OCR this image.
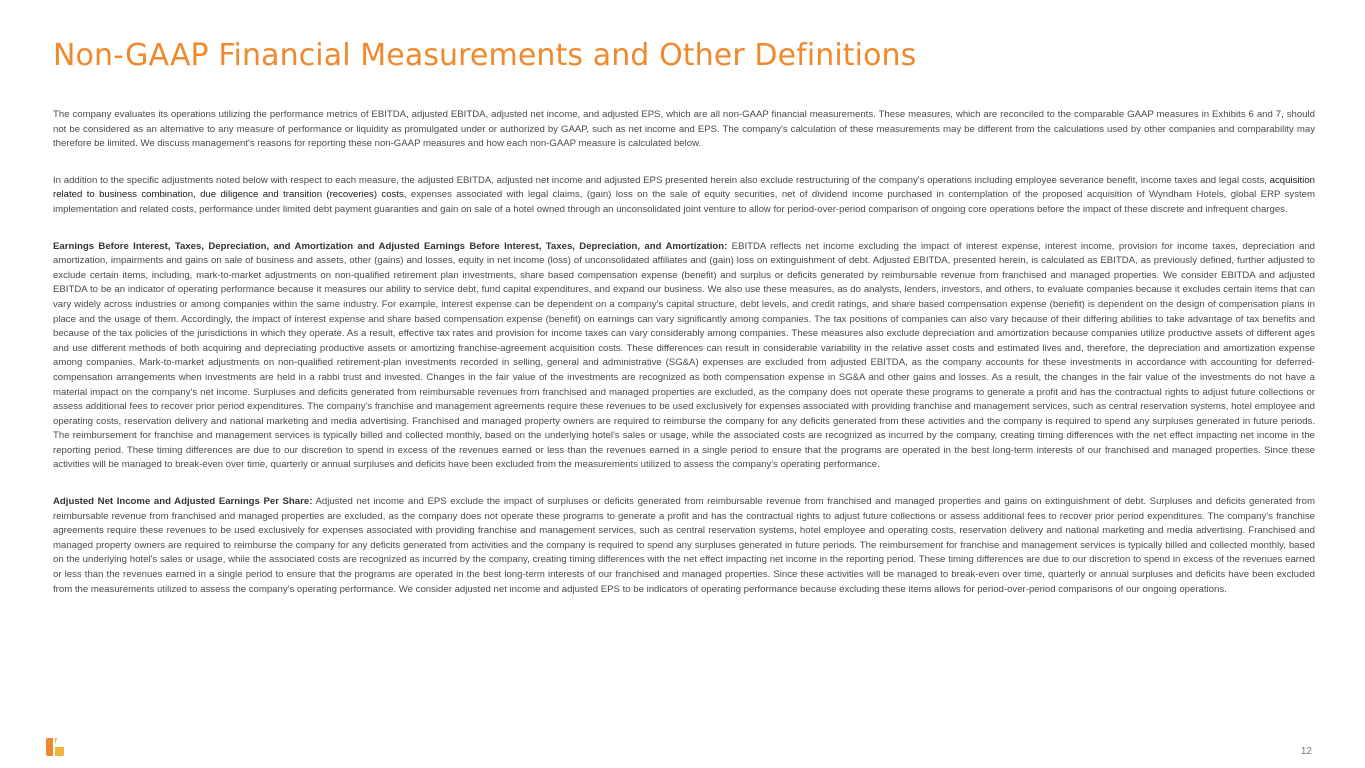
Non-GAAP Financial Measurements and Other Definitions

The company evaluates its operations utilizing the performance metrics of EBITDA, adjusted EBITDA, adjusted net income, and adjusted EPS, which are all non-GAAP financial measurements. These measures, which are reconciled to the comparable GAAP measures in Exhibits 6 and 7, should not be considered as an alternative to any measure of performance or liquidity as promulgated under or authorized by GAAP, such as net income and EPS. The company's calculation of these measurements may be different from the calculations used by other companies and comparability may therefore be limited. We discuss management's reasons for reporting these non-GAAP measures and how each non-GAAP measure is calculated below.

In addition to the specific adjustments noted below with respect to each measure, the adjusted EBITDA, adjusted net income and adjusted EPS presented herein also exclude restructuring of the company's operations including employee severance benefit, income taxes and legal costs, acquisition related to business combination, due diligence and transition (recoveries) costs, expenses associated with legal claims, (gain) loss on the sale of equity securities, net of dividend income purchased in contemplation of the proposed acquisition of Wyndham Hotels, global ERP system implementation and related costs, performance under limited debt payment guaranties and gain on sale of a hotel owned through an unconsolidated joint venture to allow for period-over-period comparison of ongoing core operations before the impact of these discrete and infrequent charges.

Earnings Before Interest, Taxes, Depreciation, and Amortization and Adjusted Earnings Before Interest, Taxes, Depreciation, and Amortization: EBITDA reflects net income excluding the impact of interest expense, interest income, provision for income taxes, depreciation and amortization, impairments and gains on sale of business and assets, other (gains) and losses, equity in net income (loss) of unconsolidated affiliates and (gain) loss on extinguishment of debt. Adjusted EBITDA, presented herein, is calculated as EBITDA, as previously defined, further adjusted to exclude certain items, including, mark-to-market adjustments on non-qualified retirement plan investments, share based compensation expense (benefit) and surplus or deficits generated by reimbursable revenue from franchised and managed properties. We consider EBITDA and adjusted EBITDA to be an indicator of operating performance because it measures our ability to service debt, fund capital expenditures, and expand our business. We also use these measures, as do analysts, lenders, investors, and others, to evaluate companies because it excludes certain items that can vary widely across industries or among companies within the same industry. For example, interest expense can be dependent on a company's capital structure, debt levels, and credit ratings, and share based compensation expense (benefit) is dependent on the design of compensation plans in place and the usage of them. Accordingly, the impact of interest expense and share based compensation expense (benefit) on earnings can vary significantly among companies. The tax positions of companies can also vary because of their differing abilities to take advantage of tax benefits and because of the tax policies of the jurisdictions in which they operate. As a result, effective tax rates and provision for income taxes can vary considerably among companies. These measures also exclude depreciation and amortization because companies utilize productive assets of different ages and use different methods of both acquiring and depreciating productive assets or amortizing franchise-agreement acquisition costs. These differences can result in considerable variability in the relative asset costs and estimated lives and, therefore, the depreciation and amortization expense among companies. Mark-to-market adjustments on non-qualified retirement-plan investments recorded in selling, general and administrative (SG&A) expenses are excluded from adjusted EBITDA, as the company accounts for these investments in accordance with accounting for deferred-compensation arrangements when investments are held in a rabbi trust and invested. Changes in the fair value of the investments are recognized as both compensation expense in SG&A and other gains and losses. As a result, the changes in the fair value of the investments do not have a material impact on the company's net income. Surpluses and deficits generated from reimbursable revenues from franchised and managed properties are excluded, as the company does not operate these programs to generate a profit and has the contractual rights to adjust future collections or assess additional fees to recover prior period expenditures. The company's franchise and management agreements require these revenues to be used exclusively for expenses associated with providing franchise and management services, such as central reservation systems, hotel employee and operating costs, reservation delivery and national marketing and media advertising. Franchised and managed property owners are required to reimburse the company for any deficits generated from these activities and the company is required to spend any surpluses generated in future periods. The reimbursement for franchise and management services is typically billed and collected monthly, based on the underlying hotel's sales or usage, while the associated costs are recognized as incurred by the company, creating timing differences with the net effect impacting net income in the reporting period. These timing differences are due to our discretion to spend in excess of the revenues earned or less than the revenues earned in a single period to ensure that the programs are operated in the best long-term interests of our franchised and managed properties. Since these activities will be managed to break-even over time, quarterly or annual surpluses and deficits have been excluded from the measurements utilized to assess the company's operating performance.

Adjusted Net Income and Adjusted Earnings Per Share: Adjusted net income and EPS exclude the impact of surpluses or deficits generated from reimbursable revenue from franchised and managed properties and gains on extinguishment of debt. Surpluses and deficits generated from reimbursable revenue from franchised and managed properties are excluded, as the company does not operate these programs to generate a profit and has the contractual rights to adjust future collections or assess additional fees to recover prior period expenditures. The company's franchise agreements require these revenues to be used exclusively for expenses associated with providing franchise and management services, such as central reservation systems, hotel employee and operating costs, reservation delivery and national marketing and media advertising. Franchised and managed property owners are required to reimburse the company for any deficits generated from activities and the company is required to spend any surpluses generated in future periods. The reimbursement for franchise and management services is typically billed and collected monthly, based on the underlying hotel's sales or usage, while the associated costs are recognized as incurred by the company, creating timing differences with the net effect impacting net income in the reporting period. These timing differences are due to our discretion to spend in excess of the revenues earned or less than the revenues earned in a single period to ensure that the programs are operated in the best long-term interests of our franchised and managed properties. Since these activities will be managed to break-even over time, quarterly or annual surpluses and deficits have been excluded from the measurements utilized to assess the company's operating performance. We consider adjusted net income and adjusted EPS to be indicators of operating performance because excluding these items allows for period-over-period comparisons of our ongoing operations.

12
